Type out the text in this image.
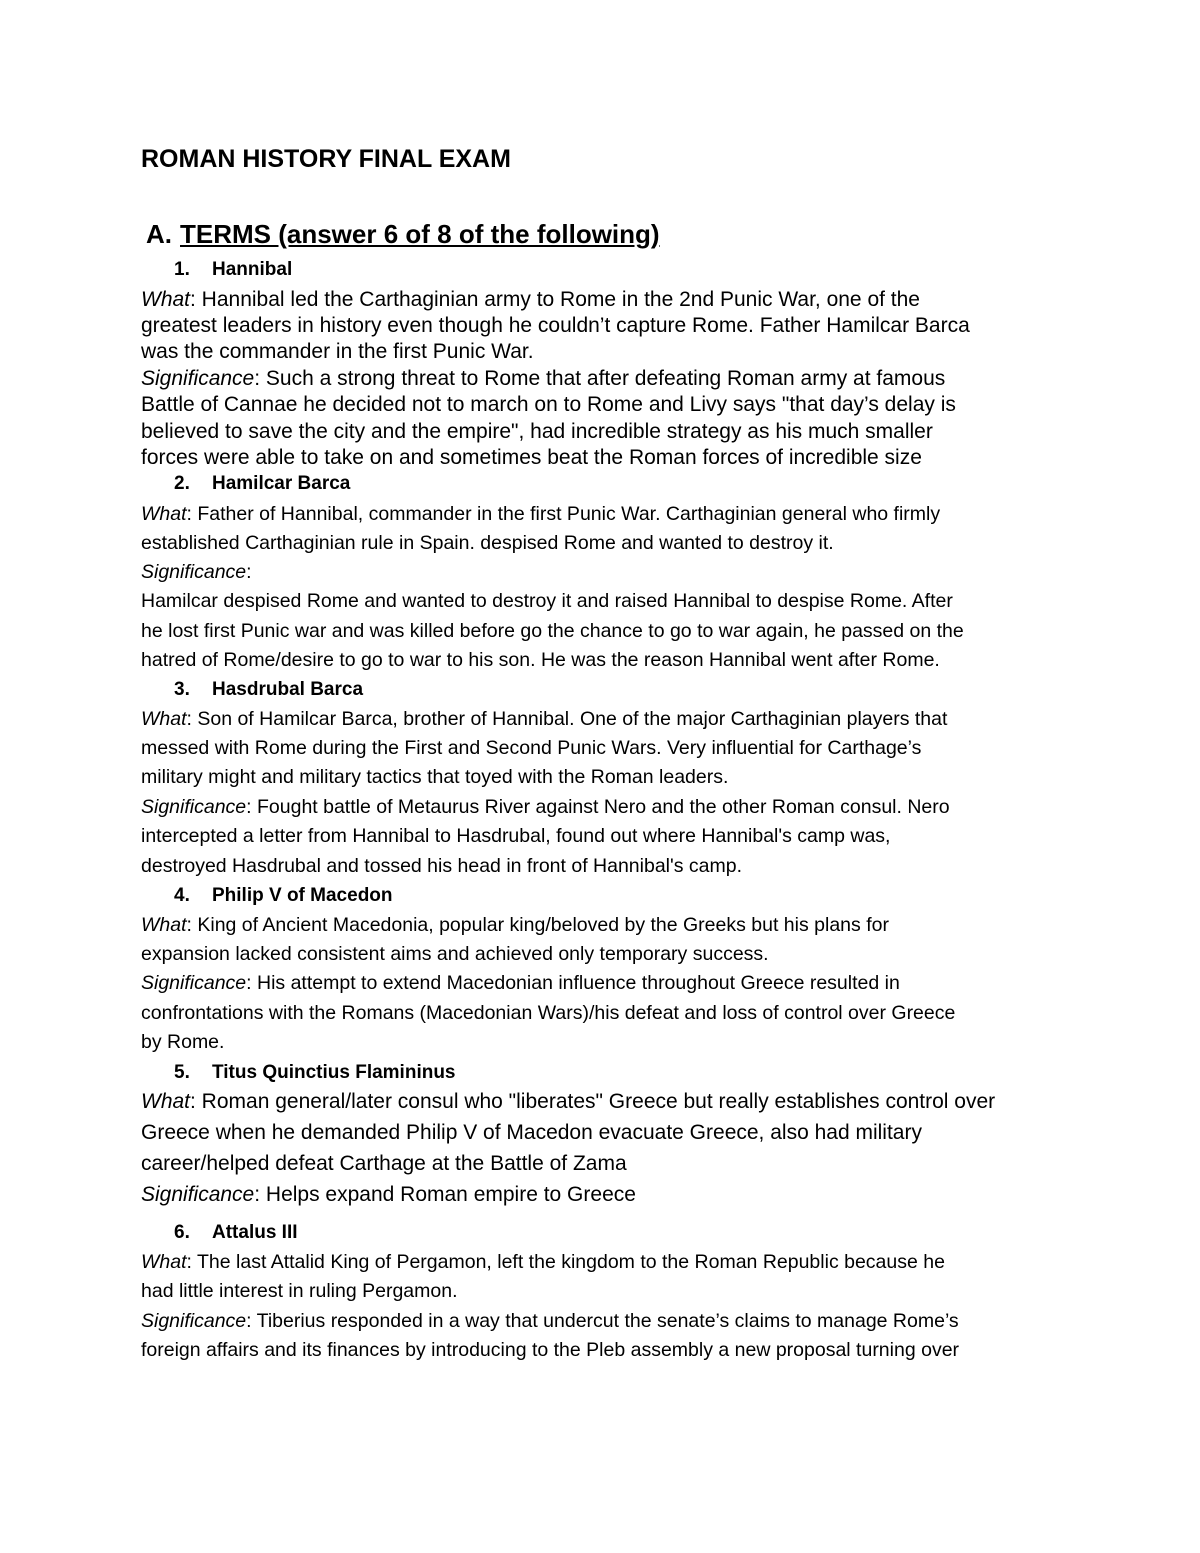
ROMAN HISTORY FINAL EXAM
A. TERMS (answer 6 of 8 of the following)
1. Hannibal
What: Hannibal led the Carthaginian army to Rome in the 2nd Punic War, one of the
greatest leaders in history even though he couldn’t capture Rome. Father Hamilcar Barca
was the commander in the first Punic War.
Significance: Such a strong threat to Rome that after defeating Roman army at famous
Battle of Cannae he decided not to march on to Rome and Livy says "that day’s delay is
believed to save the city and the empire", had incredible strategy as his much smaller
forces were able to take on and sometimes beat the Roman forces of incredible size
2. Hamilcar Barca
What: Father of Hannibal, commander in the first Punic War. Carthaginian general who firmly
established Carthaginian rule in Spain. despised Rome and wanted to destroy it.
Significance:
Hamilcar despised Rome and wanted to destroy it and raised Hannibal to despise Rome. After
he lost first Punic war and was killed before go the chance to go to war again, he passed on the
hatred of Rome/desire to go to war to his son. He was the reason Hannibal went after Rome.
3. Hasdrubal Barca
What: Son of Hamilcar Barca, brother of Hannibal. One of the major Carthaginian players that
messed with Rome during the First and Second Punic Wars. Very influential for Carthage’s
military might and military tactics that toyed with the Roman leaders.
Significance: Fought battle of Metaurus River against Nero and the other Roman consul. Nero
intercepted a letter from Hannibal to Hasdrubal, found out where Hannibal's camp was,
destroyed Hasdrubal and tossed his head in front of Hannibal's camp.
4. Philip V of Macedon
What: King of Ancient Macedonia, popular king/beloved by the Greeks but his plans for
expansion lacked consistent aims and achieved only temporary success.
Significance: His attempt to extend Macedonian influence throughout Greece resulted in
confrontations with the Romans (Macedonian Wars)/his defeat and loss of control over Greece
by Rome.
5. Titus Quinctius Flamininus
What: Roman general/later consul who "liberates" Greece but really establishes control over
Greece when he demanded Philip V of Macedon evacuate Greece, also had military
career/helped defeat Carthage at the Battle of Zama
Significance: Helps expand Roman empire to Greece
6. Attalus III
What: The last Attalid King of Pergamon, left the kingdom to the Roman Republic because he
had little interest in ruling Pergamon.
Significance: Tiberius responded in a way that undercut the senate’s claims to manage Rome’s
foreign affairs and its finances by introducing to the Pleb assembly a new proposal turning over
